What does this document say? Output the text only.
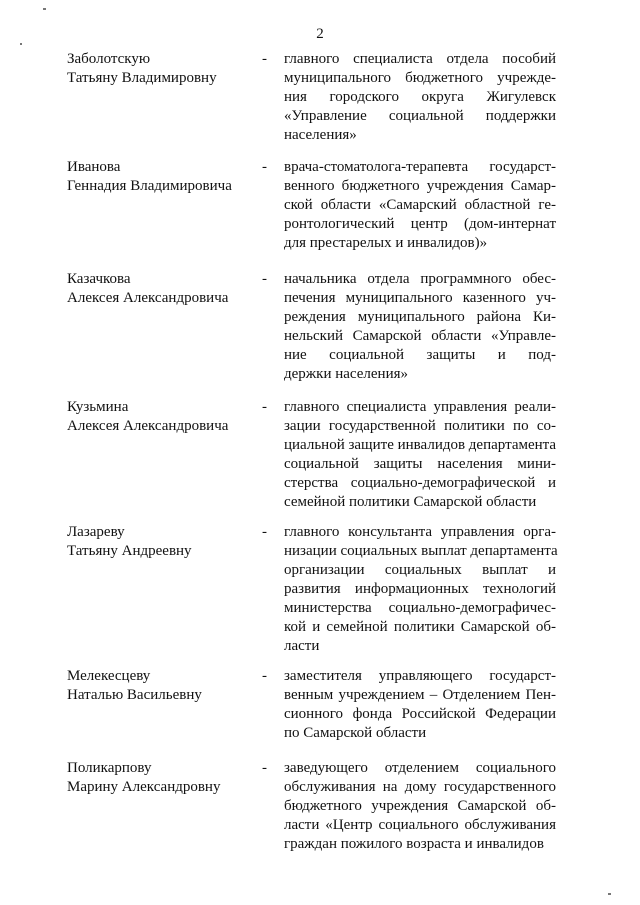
2
Заболотскую
Татьяну Владимировну
- главного специалиста отдела пособий
муниципального бюджетного учрежде-
ния городского округа Жигулевск
«Управление социальной поддержки
населения»
Иванова
Геннадия Владимировича
- врача-стоматолога-терапевта государст-
венного бюджетного учреждения Самар-
ской области «Самарский областной ге-
ронтологический центр (дом-интернат
для престарелых и инвалидов)»
Казачкова
Алексея Александровича
- начальника отдела программного обес-
печения муниципального казенного уч-
реждения муниципального района Ки-
нельский Самарской области «Управле-
ние социальной защиты и под-
держки населения»
Кузьмина
Алексея Александровича
- главного специалиста управления реали-
зации государственной политики по со-
циальной защите инвалидов департамента
социальной защиты населения мини-
стерства социально-демографической и
семейной политики Самарской области
Лазареву
Татьяну Андреевну
- главного консультанта управления орга-
низации социальных выплат департамента
организации социальных выплат и
развития информационных технологий
министерства социально-демографичес-
кой и семейной политики Самарской об-
ласти
Мелекесцеву
Наталью Васильевну
- заместителя управляющего государст-
венным учреждением – Отделением Пен-
сионного фонда Российской Федерации
по Самарской области
Поликарпову
Марину Александровну
- заведующего отделением социального
обслуживания на дому государственного
бюджетного учреждения Самарской об-
ласти «Центр социального обслуживания
граждан пожилого возраста и инвалидов
